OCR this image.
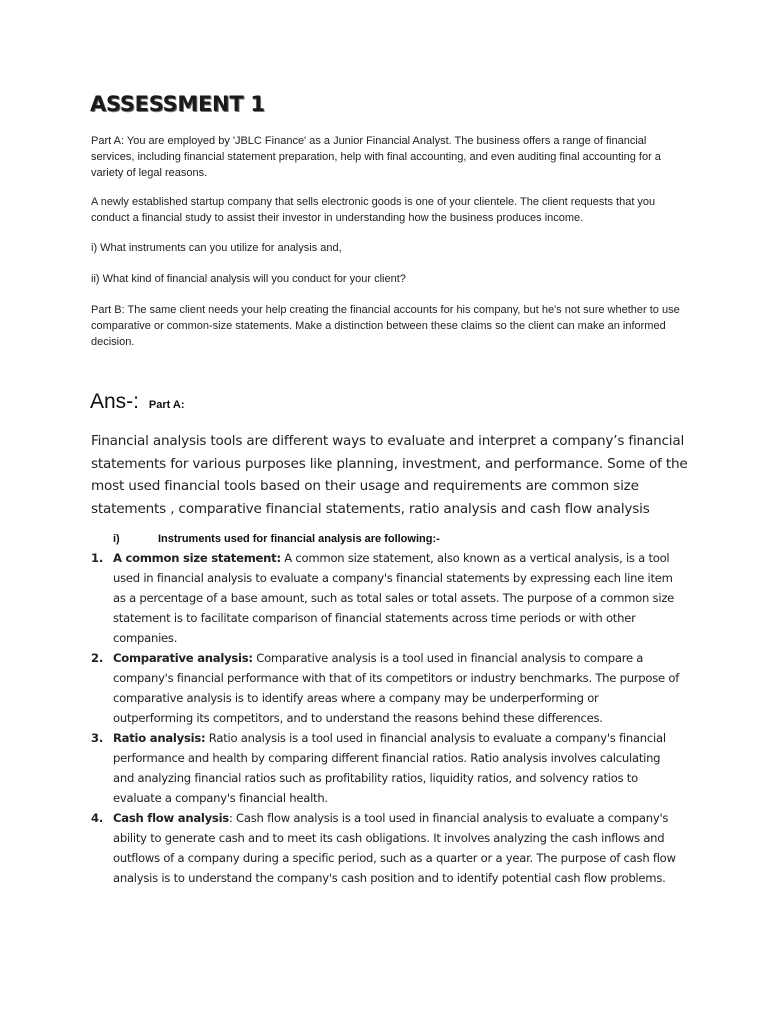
ASSESSMENT 1

Part A: You are employed by 'JBLC Finance' as a Junior Financial Analyst. The business offers a range of financial services, including financial statement preparation, help with final accounting, and even auditing final accounting for a variety of legal reasons.

A newly established startup company that sells electronic goods is one of your clientele. The client requests that you conduct a financial study to assist their investor in understanding how the business produces income.

i) What instruments can you utilize for analysis and,

ii) What kind of financial analysis will you conduct for your client?

Part B: The same client needs your help creating the financial accounts for his company, but he's not sure whether to use comparative or common-size statements. Make a distinction between these claims so the client can make an informed decision.

Ans-: Part A:

Financial analysis tools are different ways to evaluate and interpret a company’s financial statements for various purposes like planning, investment, and performance. Some of the most used financial tools based on their usage and requirements are common size statements , comparative financial statements, ratio analysis and cash flow analysis

i)	Instruments used for financial analysis are following:-

1. A common size statement: A common size statement, also known as a vertical analysis, is a tool used in financial analysis to evaluate a company's financial statements by expressing each line item as a percentage of a base amount, such as total sales or total assets. The purpose of a common size statement is to facilitate comparison of financial statements across time periods or with other companies.
2. Comparative analysis: Comparative analysis is a tool used in financial analysis to compare a company's financial performance with that of its competitors or industry benchmarks. The purpose of comparative analysis is to identify areas where a company may be underperforming or outperforming its competitors, and to understand the reasons behind these differences.
3. Ratio analysis: Ratio analysis is a tool used in financial analysis to evaluate a company's financial performance and health by comparing different financial ratios. Ratio analysis involves calculating and analyzing financial ratios such as profitability ratios, liquidity ratios, and solvency ratios to evaluate a company's financial health.
4. Cash flow analysis: Cash flow analysis is a tool used in financial analysis to evaluate a company's ability to generate cash and to meet its cash obligations. It involves analyzing the cash inflows and outflows of a company during a specific period, such as a quarter or a year. The purpose of cash flow analysis is to understand the company's cash position and to identify potential cash flow problems.
